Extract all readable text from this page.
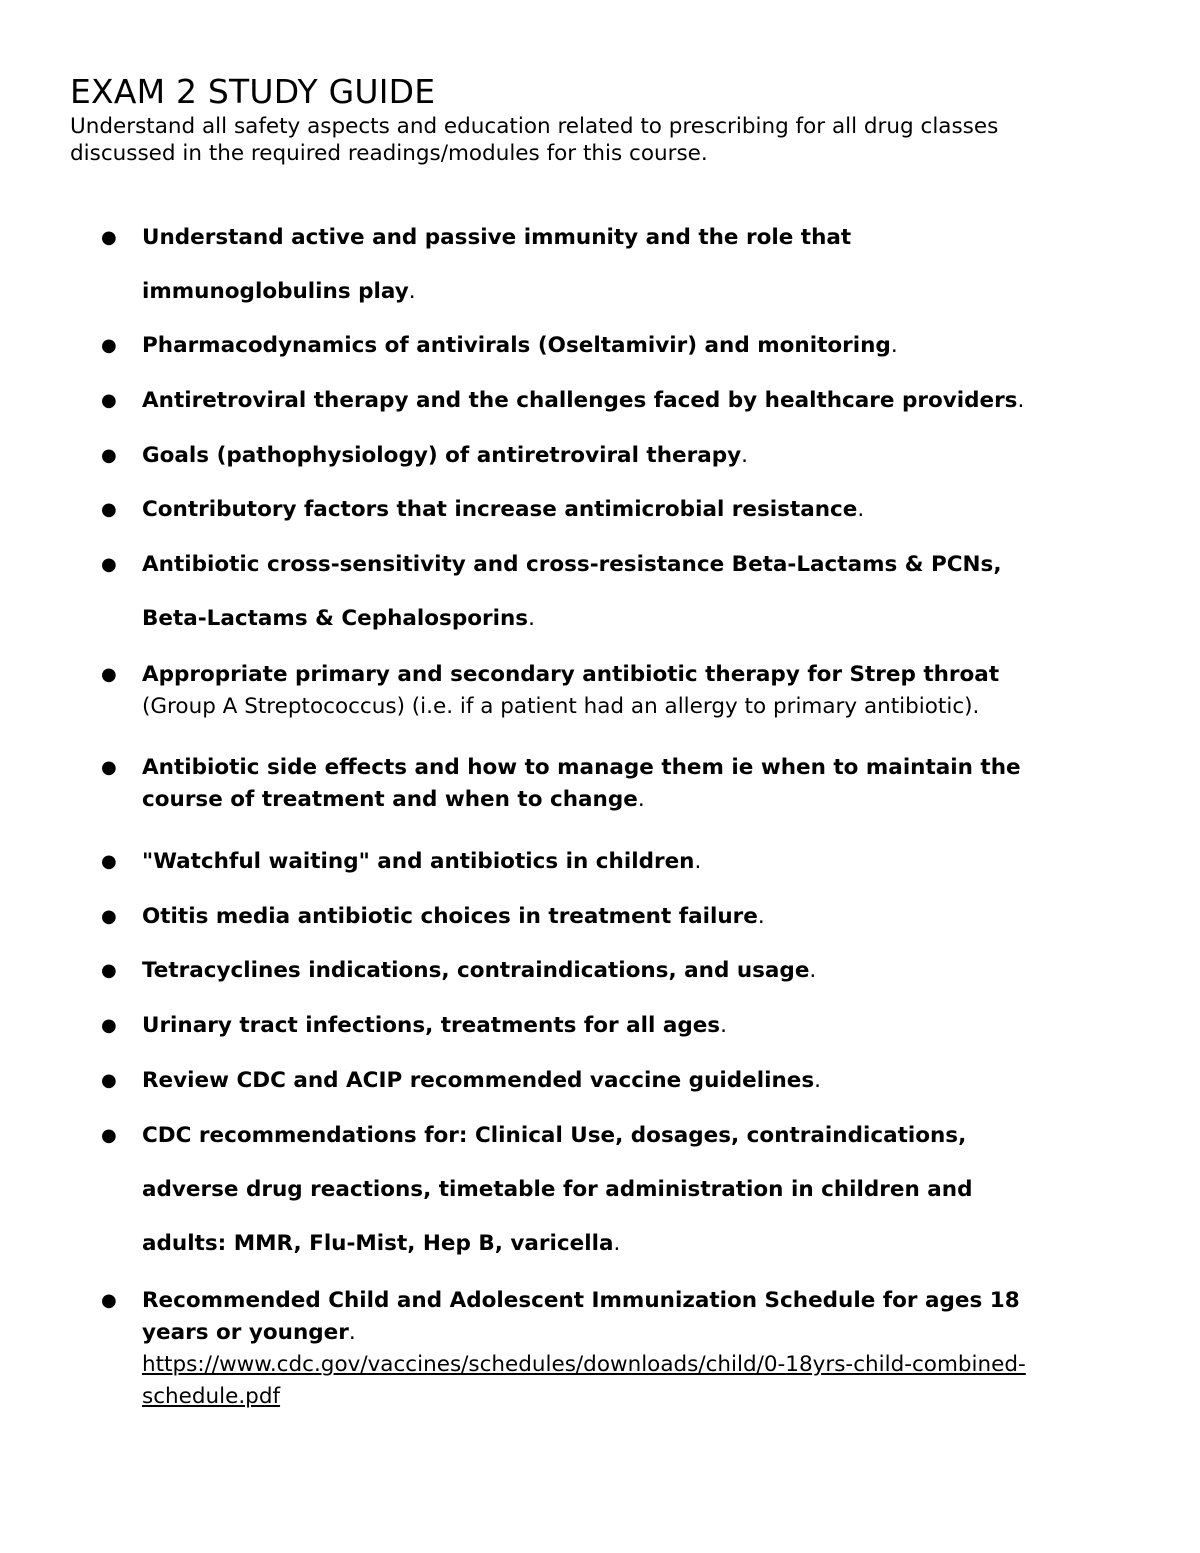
EXAM 2 STUDY GUIDE

Understand all safety aspects and education related to prescribing for all drug classes
discussed in the required readings/modules for this course.

● Understand active and passive immunity and the role that
immunoglobulins play.
● Pharmacodynamics of antivirals (Oseltamivir) and monitoring.
● Antiretroviral therapy and the challenges faced by healthcare providers.
● Goals (pathophysiology) of antiretroviral therapy.
● Contributory factors that increase antimicrobial resistance.
● Antibiotic cross-sensitivity and cross-resistance Beta-Lactams & PCNs,
Beta-Lactams & Cephalosporins.
● Appropriate primary and secondary antibiotic therapy for Strep throat
(Group A Streptococcus) (i.e. if a patient had an allergy to primary antibiotic).
● Antibiotic side effects and how to manage them ie when to maintain the
course of treatment and when to change.
● "Watchful waiting" and antibiotics in children.
● Otitis media antibiotic choices in treatment failure.
● Tetracyclines indications, contraindications, and usage.
● Urinary tract infections, treatments for all ages.
● Review CDC and ACIP recommended vaccine guidelines.
● CDC recommendations for: Clinical Use, dosages, contraindications,
adverse drug reactions, timetable for administration in children and
adults: MMR, Flu-Mist, Hep B, varicella.
● Recommended Child and Adolescent Immunization Schedule for ages 18
years or younger.
https://www.cdc.gov/vaccines/schedules/downloads/child/0-18yrs-child-combined-
schedule.pdf
